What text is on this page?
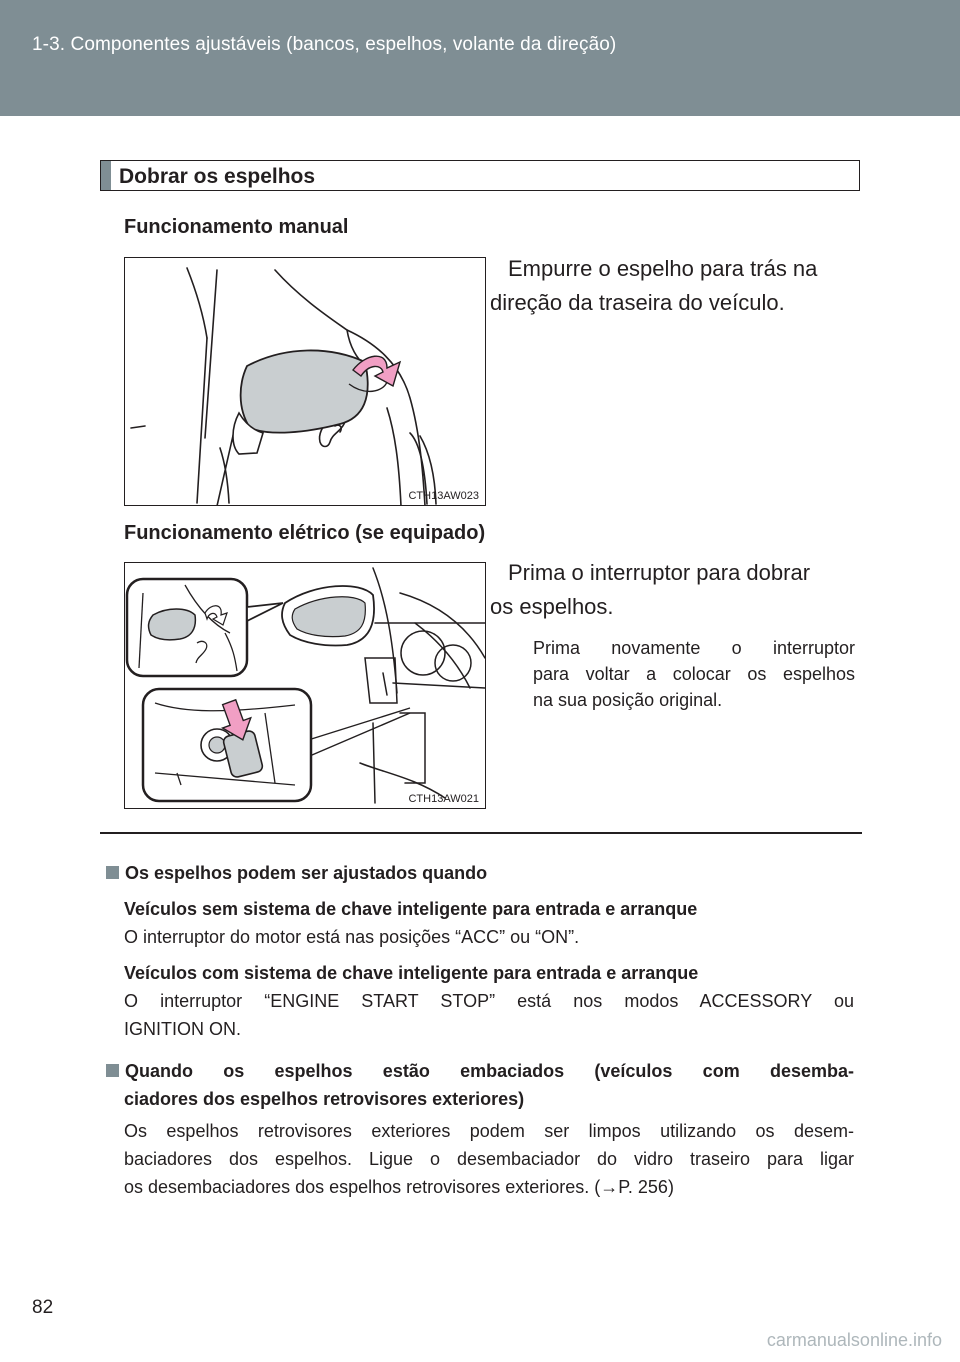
1-3. Componentes ajustáveis (bancos, espelhos, volante da direção)
Dobrar os espelhos
Funcionamento manual
CTH13AW023
Empurre o espelho para trás na
direção da traseira do veículo.
Funcionamento elétrico (se equipado)
CTH13AW021
Prima o interruptor para dobrar
os espelhos.
Prima novamente o interruptor
para voltar a colocar os espelhos
na sua posição original.
Os espelhos podem ser ajustados quando
Veículos sem sistema de chave inteligente para entrada e arranque
O interruptor do motor está nas posições “ACC” ou “ON”.
Veículos com sistema de chave inteligente para entrada e arranque
O interruptor “ENGINE START STOP” está nos modos ACCESSORY ou
IGNITION ON.
Quando os espelhos estão embaciados (veículos com desemba-
ciadores dos espelhos retrovisores exteriores)
Os espelhos retrovisores exteriores podem ser limpos utilizando os desem-
baciadores dos espelhos. Ligue o desembaciador do vidro traseiro para ligar
os desembaciadores dos espelhos retrovisores exteriores. (→P. 256)
82
carmanualsonline.info
